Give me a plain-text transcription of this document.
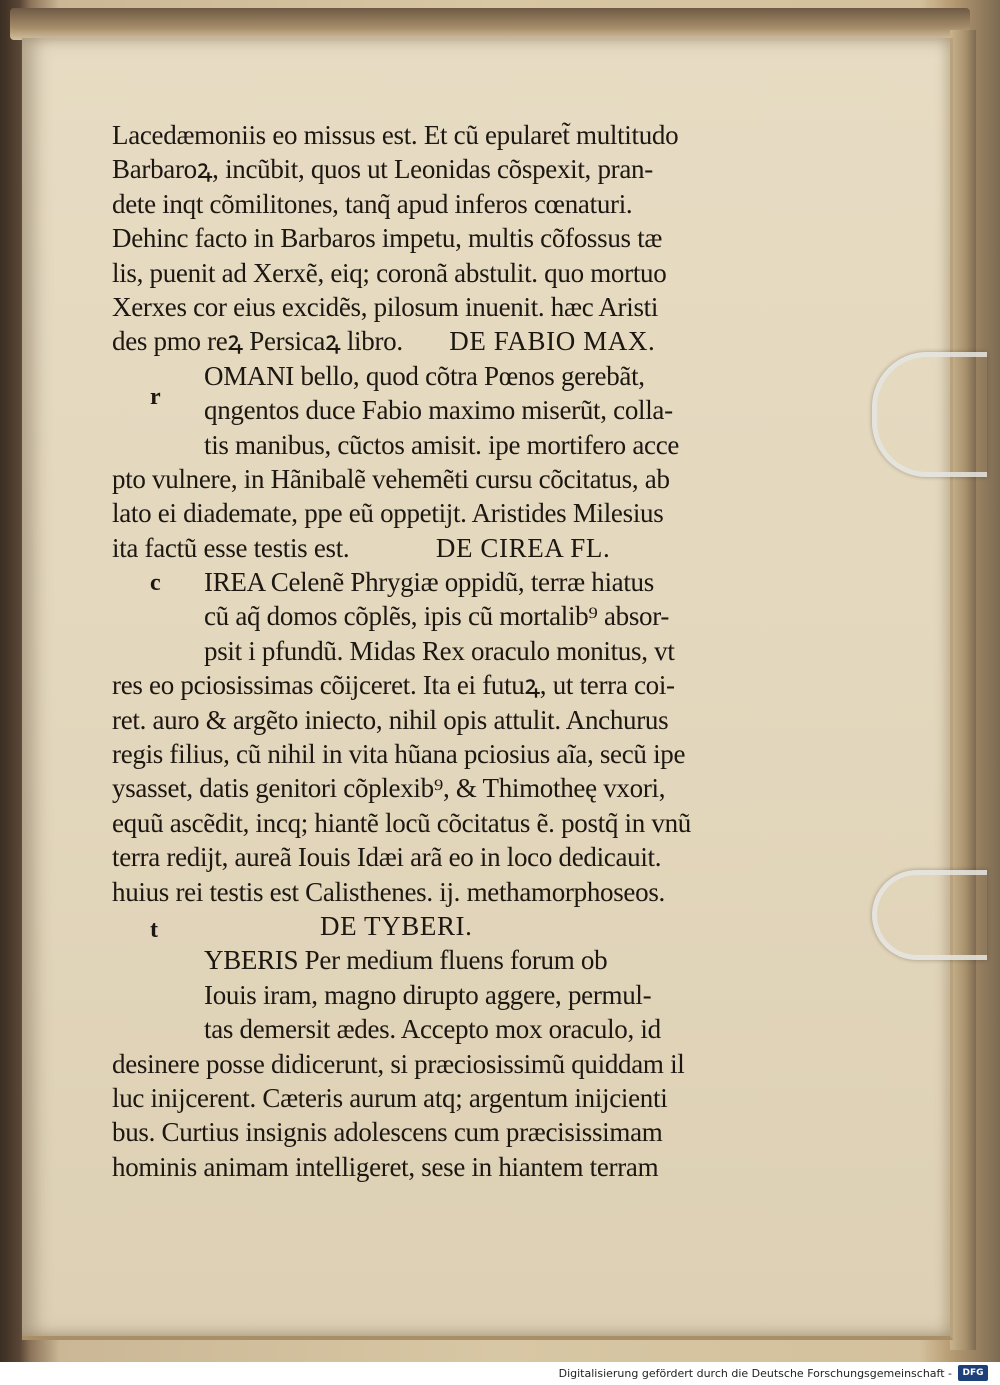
Lacedæmoniis eo missus est. Et cũ epularet̃ multitudo
Barbaroꝝ, incũbit, quos ut Leonidas cõspexit, pran-
dete inqt cõmilitones, tanq̃ apud inferos cœnaturi.
Dehinc facto in Barbaros impetu, multis cõfossus tæ
lis, puenit ad Xerxẽ, eiq; coronã abstulit. quo mortuo
Xerxes cor eius excidẽs, pilosum inuenit. hæc Aristi
des pmo reꝝ Persicaꝝ libro. DE FABIO MAX.
OMANI bello, quod cõtra Pœnos gerebãt,
qngentos duce Fabio maximo miserũt, colla-
tis manibus, cũctos amisit. ipe mortifero acce
pto vulnere, in Hãnibalẽ vehemẽti cursu cõcitatus, ab
lato ei diademate, ppe eũ oppetijt. Aristides Milesius
ita factũ esse testis est.	DE CIREA FL.
IREA Celenẽ Phrygiæ oppidũ, terræ hiatus
cũ aq̃ domos cõplẽs, ipis cũ mortalib⁹ absor-
psit i pfundũ. Midas Rex oraculo monitus, vt
res eo pciosissimas cõijceret. Ita ei futuꝝ, ut terra coi-
ret. auro & argẽto iniecto, nihil opis attulit. Anchurus
regis filius, cũ nihil in vita hũana pciosius aĩa, secũ ipe
ysasset, datis genitori cõplexib⁹, & Thimotheę vxori,
equũ ascẽdit, incq; hiantẽ locũ cõcitatus ẽ. postq̃ in vnũ
terra redijt, aureã Iouis Idæi arã eo in loco dedicauit.
huius rei testis est Calisthenes. ij. methamorphoseos.
DE TYBERI.
YBERIS Per medium fluens forum ob
Iouis iram, magno dirupto aggere, permul-
tas demersit ædes. Accepto mox oraculo, id
desinere posse didicerunt, si præciosissimũ quiddam il
luc inijcerent. Cæteris aurum atq; argentum inijcienti
bus. Curtius insignis adolescens cum præcisissimam
hominis animam intelligeret, sese in hiantem terram
r
c
t
Digitalisierung gefördert durch die Deutsche Forschungsgemeinschaft -	DFG
